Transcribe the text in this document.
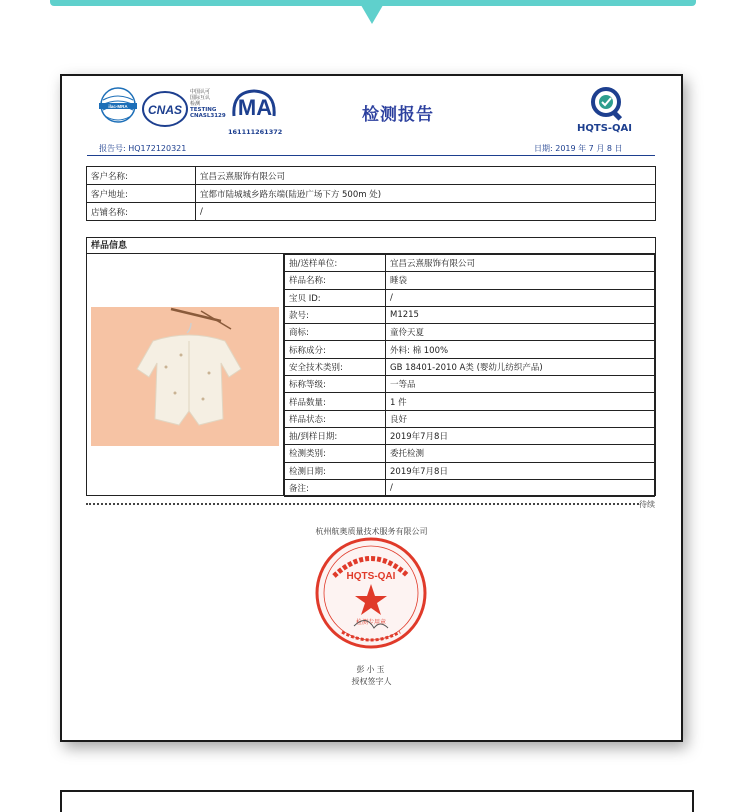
ilac-MRA CNAS
中国认可
国际互认
检测
TESTING
CNASL3129 MA
161111261372
检测报告
HQTS-QAI
报告号: HQ172120321	日期: 2019 年 7 月 8 日
客户名称:	宜昌云熹服饰有限公司
客户地址:	宜都市陆城城乡路东端(陆逊广场下方 500m 处)
店铺名称:	/
样品信息
抽/送样单位:	宜昌云熹服饰有限公司
样品名称:	睡袋
宝贝 ID:	/
款号:	M1215
商标:	童伶天夏
标称成分:	外料: 棉 100%
安全技术类别:	GB 18401-2010 A类 (婴幼儿纺织产品)
标称等级:	一等品
样品数量:	1 件
样品状态:	良好
抽/到样日期:	2019年7月8日
检测类别:	委托检测
检测日期:	2019年7月8日
备注:	/
待续
杭州航奥质量技术服务有限公司
HQTS-QAI
检测专用章
彭小玉
授权签字人
